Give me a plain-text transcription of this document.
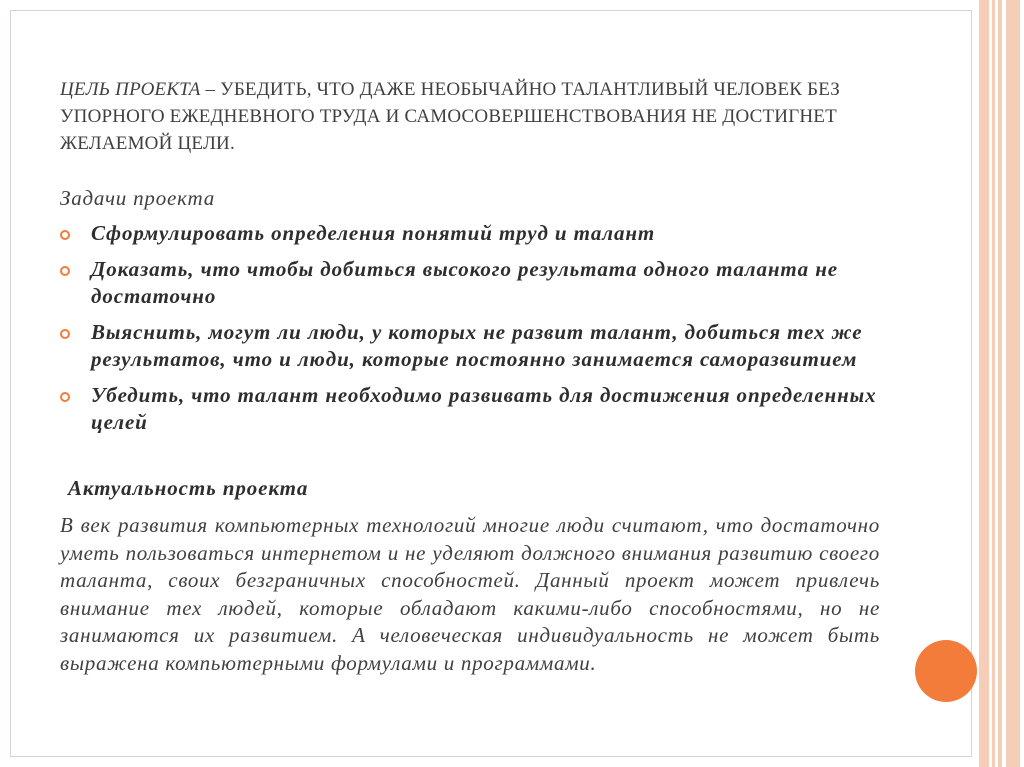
ЦЕЛЬ ПРОЕКТА – УБЕДИТЬ, ЧТО ДАЖЕ НЕОБЫЧАЙНО ТАЛАНТЛИВЫЙ ЧЕЛОВЕК БЕЗ УПОРНОГО ЕЖЕДНЕВНОГО ТРУДА И САМОСОВЕРШЕНСТВОВАНИЯ НЕ ДОСТИГНЕТ ЖЕЛАЕМОЙ ЦЕЛИ.

Задачи проекта
Сформулировать определения понятий труд и талант
Доказать, что чтобы добиться высокого результата одного таланта не достаточно
Выяснить, могут ли люди, у которых не развит талант, добиться тех же результатов, что и люди, которые постоянно занимается саморазвитием
Убедить, что талант необходимо развивать для достижения определенных целей
Актуальность проекта

В век развития компьютерных технологий многие люди считают, что достаточно уметь пользоваться интернетом и не уделяют должного внимания развитию своего таланта, своих безграничных способностей. Данный проект может привлечь внимание тех людей, которые обладают какими-либо способностями, но не занимаются их развитием. А человеческая индивидуальность не может быть выражена компьютерными формулами и программами.
